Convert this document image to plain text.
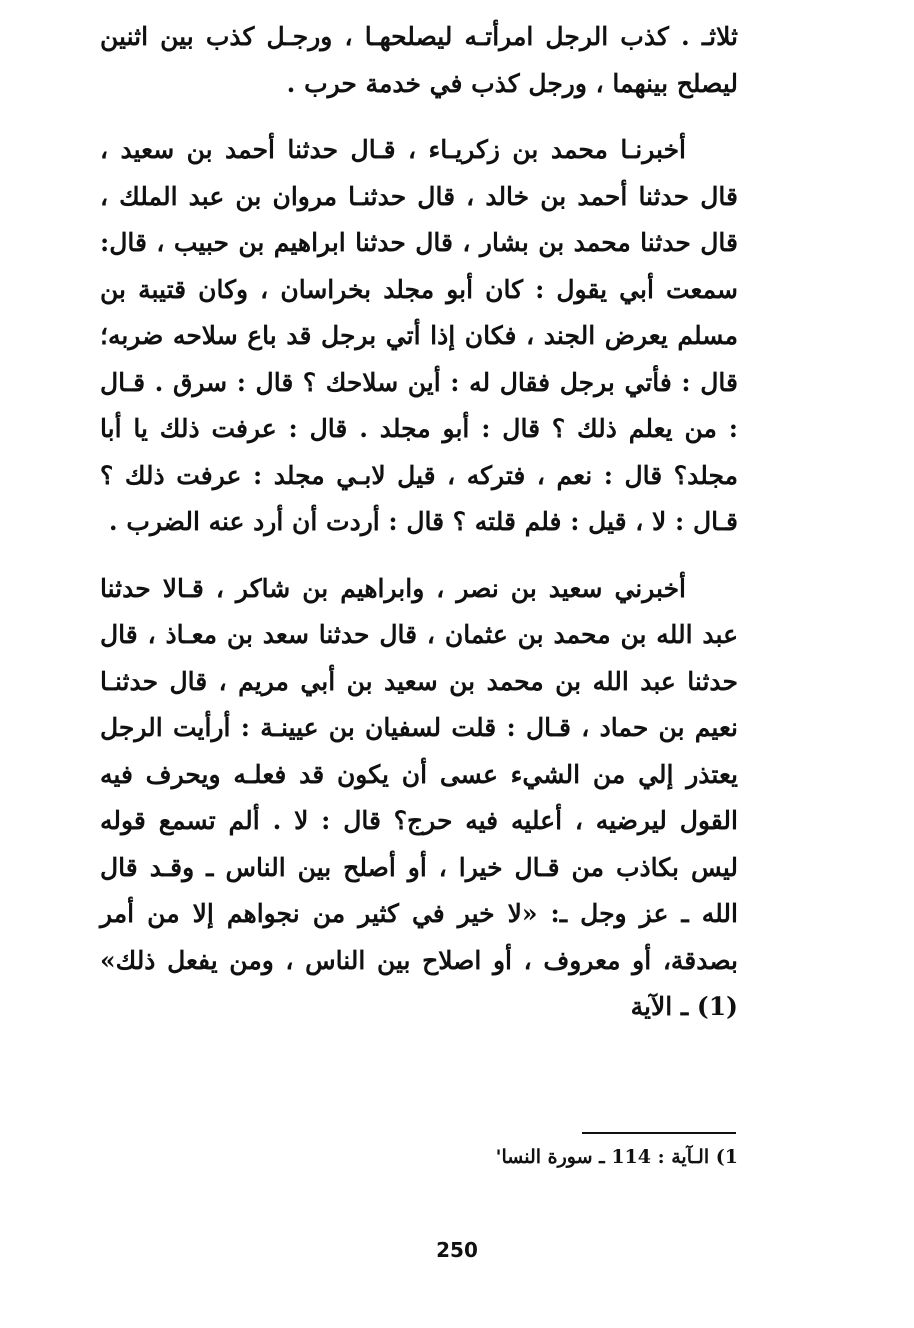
ثلاثـ . كذب الرجل امرأتـه ليصلحهـا ، ورجـل كذب بين اثنين ليصلح بينهما ، ورجل كذب في خدمة حرب .

أخبرنـا محمد بن زكريـاء ، قـال حدثنا أحمد بن سعيد ، قال حدثنا أحمد بن خالد ، قال حدثنـا مروان بن عبد الملك ، قال حدثنا محمد بن بشار ، قال حدثنا ابراهيم بن حبيب ، قال: سمعت أبي يقول : كان أبو مجلد بخراسان ، وكان قتيبة بن مسلم يعرض الجند ، فكان إذا أتي برجل قد باع سلاحه ضربه؛ قال : فأتي برجل فقال له : أين سلاحك ؟ قال : سرق . قـال : من يعلم ذلك ؟ قال : أبو مجلد . قال : عرفت ذلك يا أبا مجلد؟ قال : نعم ، فتركه ، قيل لابـي مجلد : عرفت ذلك ؟ قـال : لا ، قيل : فلم قلته ؟ قال : أردت أن أرد عنه الضرب .

أخبرني سعيد بن نصر ، وابراهيم بن شاكر ، قـالا حدثنا عبد الله بن محمد بن عثمان ، قال حدثنا سعد بن معـاذ ، قال حدثنا عبد الله بن محمد بن سعيد بن أبي مريم ، قال حدثنـا نعيم بن حماد ، قـال : قلت لسفيان بن عيينـة : أرأيت الرجل يعتذر إلي من الشيء عسى أن يكون قد فعلـه ويحرف فيه القول ليرضيه ، أعليه فيه حرج؟ قال : لا . ألم تسمع قوله ليس بكاذب من قـال خيرا ، أو أصلح بين الناس ـ وقـد قال الله ـ عز وجل ـ: «لا خير في كثير من نجواهم إلا من أمر بصدقة، أو معروف ، أو اصلاح بين الناس ، ومن يفعل ذلك» (1) ـ الآية

1) الـآية : 114 ـ سورة النسا'
250
